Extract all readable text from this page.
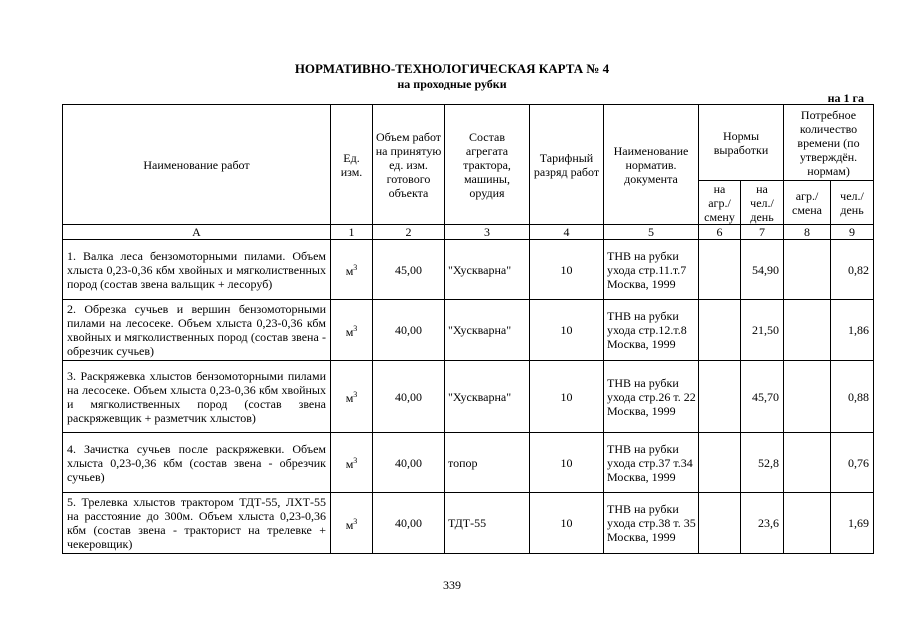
НОРМАТИВНО-ТЕХНОЛОГИЧЕСКАЯ КАРТА № 4
на проходные рубки
на 1 га
Наименование работ	Ед. изм.	Объем работ на принятую ед. изм. готового объекта	Состав агрегата трактора, машины, орудия	Тарифный разряд работ	Наименование норматив. документа	Нормы выработки		Потребное количество времени (по утверждён. нормам)	
						на агр./ смену	на чел./ день	агр./ смена	чел./ день
А	1	2	3	4	5	6	7	8	9
1. Валка леса бензомоторными пилами. Объем хлыста 0,23-0,36 кбм хвойных и мягколиственных пород (состав звена вальщик + лесоруб)	$м^3$	45,00	"Хускварна"	10	ТНВ на рубки ухода стр.11.т.7 Москва, 1999		54,90		0,82
2. Обрезка сучьев и вершин бензомоторными пилами на лесосеке. Объем хлыста 0,23-0,36 кбм хвойных и мягколиственных пород (состав звена - обрезчик сучьев)	$м^3$	40,00	"Хускварна"	10	ТНВ на рубки ухода стр.12.т.8 Москва, 1999		21,50		1,86
3. Раскряжевка хлыстов бензомоторными пилами на лесосеке. Объем хлыста 0,23-0,36 кбм хвойных и мягколиственных пород (состав звена раскряжевщик + разметчик хлыстов)	$м^3$	40,00	"Хускварна"	10	ТНВ на рубки ухода стр.26 т. 22 Москва, 1999		45,70		0,88
4. Зачистка сучьев после раскряжевки. Объем хлыста 0,23-0,36 кбм (состав звена - обрезчик сучьев)	$м^3$	40,00	топор	10	ТНВ на рубки ухода стр.37 т.34 Москва, 1999		52,8		0,76
5. Трелевка хлыстов трактором ТДТ-55, ЛХТ-55 на расстояние до 300м. Объем хлыста 0,23-0,36 кбм (состав звена - тракторист на трелевке + чекеровщик)	$м^3$	40,00	ТДТ-55	10	ТНВ на рубки ухода стр.38 т. 35 Москва, 1999		23,6		1,69
339
